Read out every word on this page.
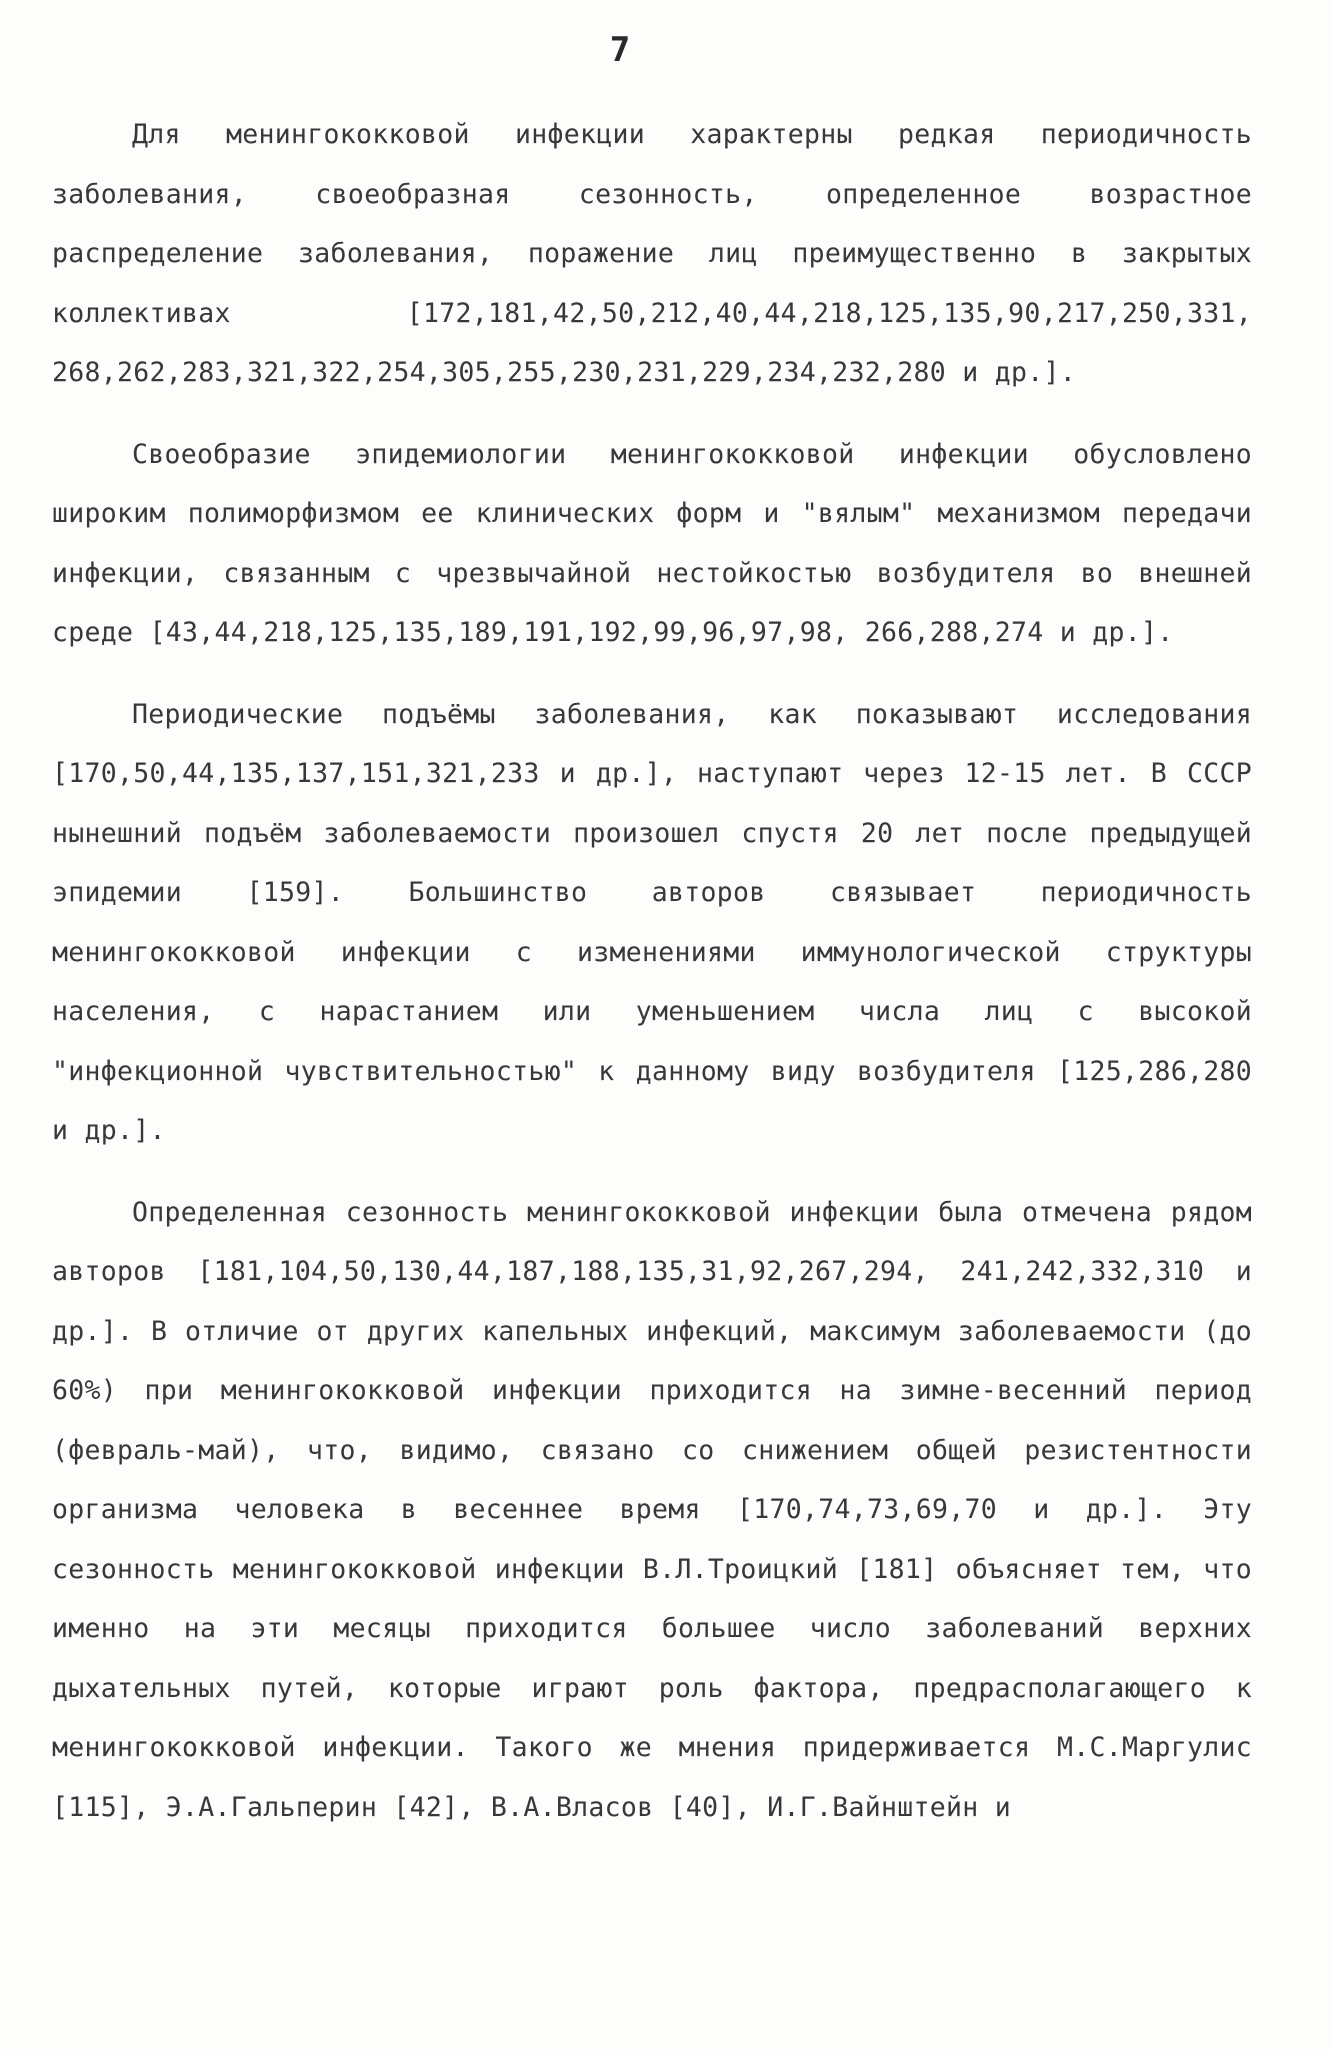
7

Для менингококковой инфекции характерны редкая периодичность заболевания, своеобразная сезонность, определенное возрастное распределение заболевания, поражение лиц преимущественно в закрытых коллективах [172,181,42,50,212,40,44,218,125,135,90,217,250,331, 268,262,283,321,322,254,305,255,230,231,229,234,232,280 и др.].

Своеобразие эпидемиологии менингококковой инфекции обусловлено широким полиморфизмом ее клинических форм и "вялым" механизмом передачи инфекции, связанным с чрезвычайной нестойкостью возбудителя во внешней среде [43,44,218,125,135,189,191,192,99,96,97,98, 266,288,274 и др.].

Периодические подъёмы заболевания, как показывают исследования [170,50,44,135,137,151,321,233 и др.], наступают через 12-15 лет. В СССР нынешний подъём заболеваемости произошел спустя 20 лет после предыдущей эпидемии [159]. Большинство авторов связывает периодичность менингококковой инфекции с изменениями иммунологической структуры населения, с нарастанием или уменьшением числа лиц с высокой "инфекционной чувствительностью" к данному виду возбудителя [125,286,280 и др.].

Определенная сезонность менингококковой инфекции была отмечена рядом авторов [181,104,50,130,44,187,188,135,31,92,267,294, 241,242,332,310 и др.]. В отличие от других капельных инфекций, максимум заболеваемости (до 60%) при менингококковой инфекции приходится на зимне-весенний период (февраль-май), что, видимо, связано со снижением общей резистентности организма человека в весеннее время [170,74,73,69,70 и др.]. Эту сезонность менингококковой инфекции В.Л.Троицкий [181] объясняет тем, что именно на эти месяцы приходится большее число заболеваний верхних дыхательных путей, которые играют роль фактора, предрасполагающего к менингококковой инфекции. Такого же мнения придерживается М.С.Маргулис [115], Э.А.Гальперин [42], В.А.Власов [40], И.Г.Вайнштейн и
